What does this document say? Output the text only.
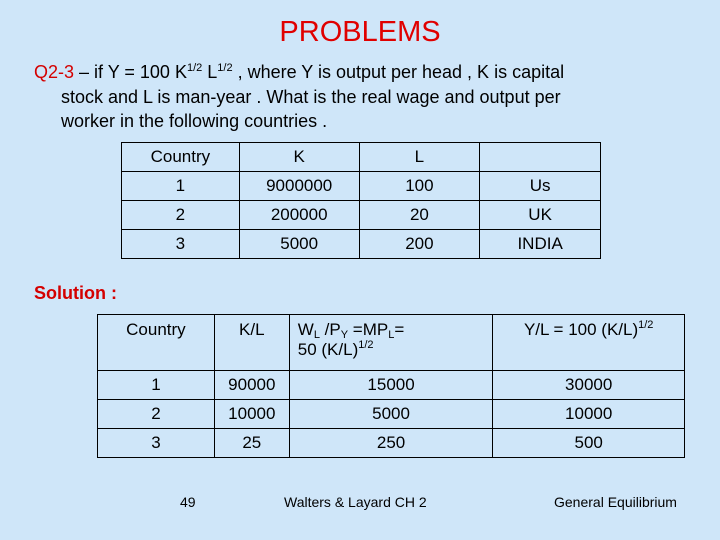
PROBLEMS
Q2-3 – if Y = 100 $K^{1/2}$ $L^{1/2}$ , where Y is output per head , K is capital
stock and L is man-year . What is the real wage and output per
worker in the following countries .
Country	K	L	
1	9000000	100	Us
2	200000	20	UK
3	5000	200	INDIA
Solution :
Country	K/L	$W_L$ $/P_Y =MP_L=$
50 $(K/L)^{1/2}$	Y/L = 100 $(K/L)^{1/2}$
1	90000	15000	30000
2	10000	5000	10000
3	25	250	500
49	Walters & Layard CH 2	General Equilibrium
